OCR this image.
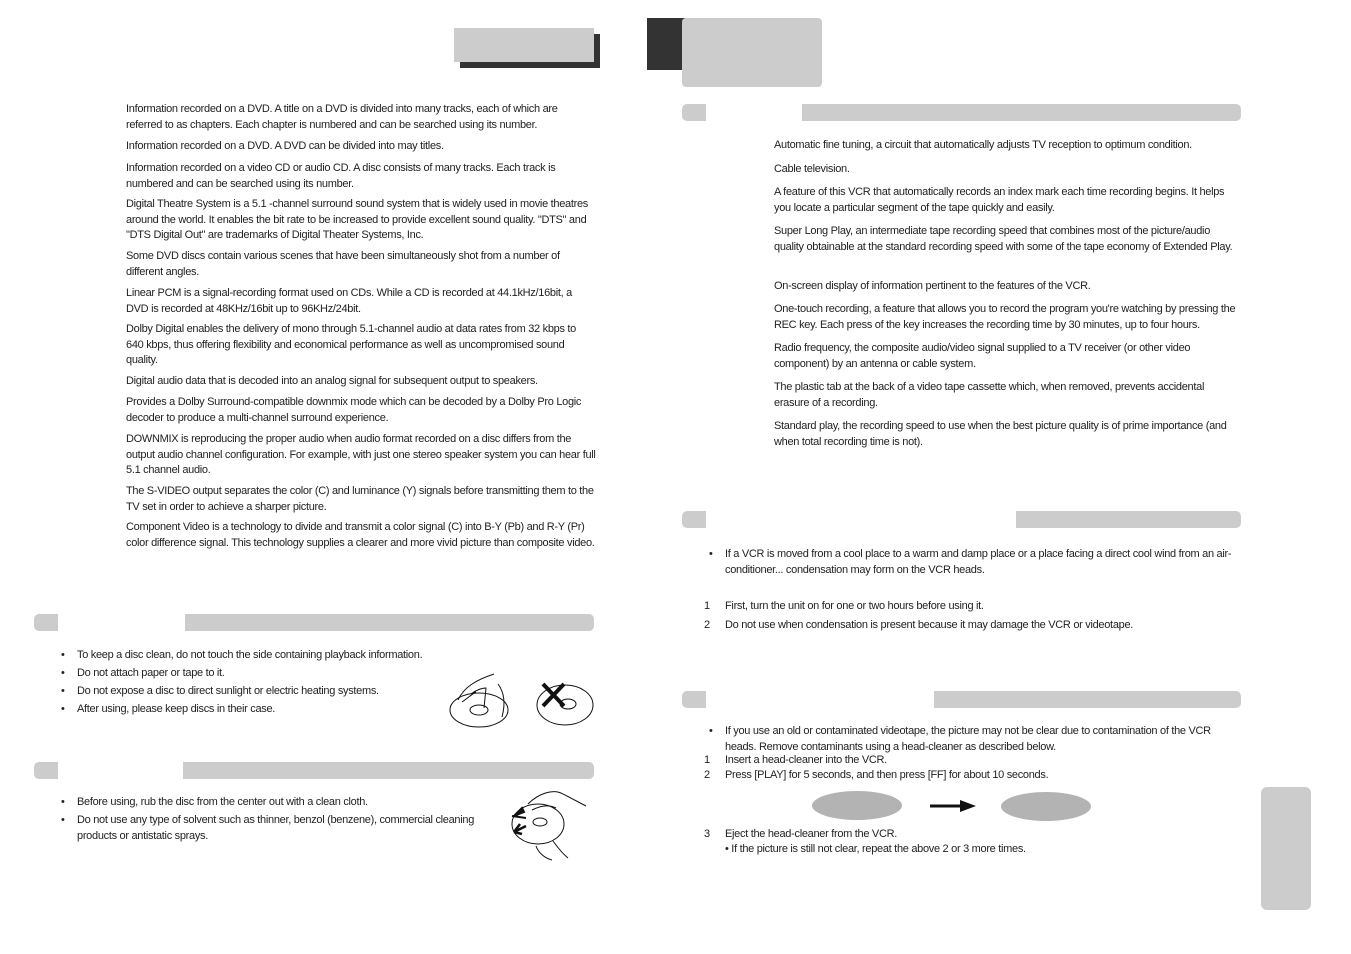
Information recorded on a DVD. A title on a DVD is divided into many tracks, each of which are referred to as chapters. Each chapter is numbered and can be searched using its number.
Information recorded on a DVD. A DVD can be divided into may titles.
Information recorded on a video CD or audio CD. A disc consists of many tracks. Each track is numbered and can be searched using its number.
Digital Theatre System is a 5.1 -channel surround sound system that is widely used in movie theatres around the world. It enables the bit rate to be increased to provide excellent sound quality. "DTS" and "DTS Digital Out" are trademarks of Digital Theater Systems, Inc.
Some DVD discs contain various scenes that have been simultaneously shot from a number of different angles.
Linear PCM is a signal-recording format used on CDs. While a CD is recorded at 44.1kHz/16bit, a DVD is recorded at 48KHz/16bit up to 96KHz/24bit.
Dolby Digital enables the delivery of mono through 5.1-channel audio at data rates from 32 kbps to 640 kbps, thus offering flexibility and economical performance as well as uncompromised sound quality.
Digital audio data that is decoded into an analog signal for subsequent output to speakers.
Provides a Dolby Surround-compatible downmix mode which can be decoded by a Dolby Pro Logic decoder to produce a multi-channel surround experience.
DOWNMIX is reproducing the proper audio when audio format recorded on a disc differs from the output audio channel configuration. For example, with just one stereo speaker system you can hear full 5.1 channel audio.
The S-VIDEO output separates the color (C) and luminance (Y) signals before transmitting them to the TV set in order to achieve a sharper picture.
Component Video is a technology to divide and transmit a color signal (C) into B-Y (Pb) and R-Y (Pr) color difference signal. This technology supplies a clearer and more vivid picture than composite video.
Automatic fine tuning, a circuit that automatically adjusts TV reception to optimum condition.
Cable television.
A feature of this VCR that automatically records an index mark each time recording begins. It helps you locate a particular segment of the tape quickly and easily.
Super Long Play, an intermediate tape recording speed that combines most of the picture/audio quality obtainable at the standard recording speed with some of the tape economy of Extended Play.
On-screen display of information pertinent to the features of the VCR.
One-touch recording, a feature that allows you to record the program you're watching by pressing the REC key. Each press of the key increases the recording time by 30 minutes, up to four hours.
Radio frequency, the composite audio/video signal supplied to a TV receiver (or other video component) by an antenna or cable system.
The plastic tab at the back of a video tape cassette which, when removed, prevents accidental erasure of a recording.
Standard play, the recording speed to use when the best picture quality is of prime importance (and when total recording time is not).
• To keep a disc clean, do not touch the side containing playback information.
• Do not attach paper or tape to it.
• Do not expose a disc to direct sunlight or electric heating systems.
• After using, please keep discs in their case.
• Before using, rub the disc from the center out with a clean cloth.
• Do not use any type of solvent such as thinner, benzol (benzene), commercial cleaning products or antistatic sprays.
• If a VCR is moved from a cool place to a warm and damp place or a place facing a direct cool wind from an air-conditioner... condensation may form on the VCR heads.
1 First, turn the unit on for one or two hours before using it.
2 Do not use when condensation is present because it may damage the VCR or videotape.
• If you use an old or contaminated videotape, the picture may not be clear due to contamination of the VCR heads. Remove contaminants using a head-cleaner as described below.
1 Insert a head-cleaner into the VCR.
2 Press [PLAY] for 5 seconds, and then press [FF] for about 10 seconds.
3 Eject the head-cleaner from the VCR.
• If the picture is still not clear, repeat the above 2 or 3 more times.
